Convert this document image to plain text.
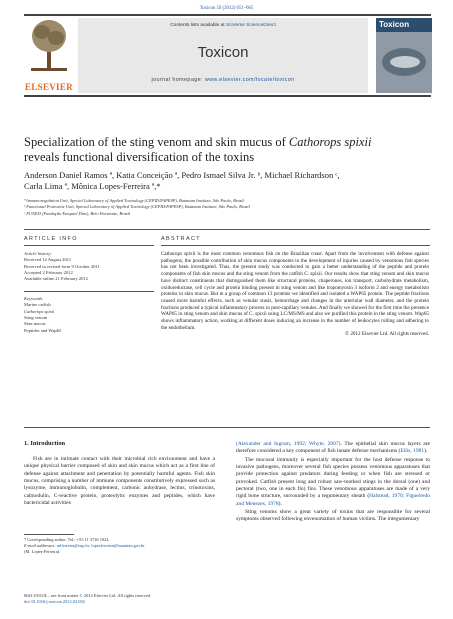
Toxicon 59 (2012) 651–665
ELSEVIER
Contents lists available at SciVerse ScienceDirect
Toxicon
journal homepage: www.elsevier.com/locate/toxicon
Toxicon
Specialization of the sting venom and skin mucus of Cathorops spixii
reveals functional diversification of the toxins
Anderson Daniel Ramos ª, Katia Conceição ª, Pedro Ismael Silva Jr. ᵇ, Michael Richardson ᶜ,
Carla Lima ª, Mônica Lopes-Ferreira ª,*
ª Immunoregulation Unit, Special Laboratory of Applied Toxinology (CEPID/FAPESP), Butantan Institute, São Paulo, Brazil
ᵇ Functional Proteomic Unit, Special Laboratory of Applied Toxinology (CEPID/FAPESP), Butantan Institute, São Paulo, Brazil
ᶜ FUNED (Fundação Ezequiel Dias), Belo Horizonte, Brazil
ARTICLE INFO
Article history:
Received 12 August 2011
Received in revised form 9 October 2011
Accepted 2 February 2012
Available online 21 February 2012
Keywords:
Marine catfish
Cathorops spixii
Sting venom
Skin mucus
Peptides and Wap65
ABSTRACT
Cathorops spixii is the most common venomous fish on the Brazilian coast. Apart from the involvement with defense against pathogens, the possible contribution of skin mucus components to the development of injuries caused by venomous fish species has not been investigated. Thus, the present study was conducted to gain a better understanding of the peptide and protein components of fish skin mucus and the sting venom from the catfish C. spixii. Our results show that sting venom and skin mucus have distinct constituents that distinguished them like structural proteins, chaperones, ion transport, carbohydrate metabolism, oxidoreductase, cell cycle and protein binding present in sting venom and like tropomyosin 3 isoform 2 and energy metabolism proteins in skin mucus. But in a group of common 13 proteins we identified and isolated a WAP65 protein. The peptide fractions caused more harmful effects, such as venular stasis, hemorrhage and changes in the arteriolar wall diameter, and the protein fractions produced a typical inflammatory process in post-capillary venules. And finally we showed for the first time the presence WAP65 in sting venom and skin mucus of C. spixii using LC/MS/MS and also we purified this protein in the sting venom. Wap65 shows inflammatory action, working at different doses inducing an increase in the number of leukocytes rolling and adhering to the endothelium.
© 2012 Elsevier Ltd. All rights reserved.
1. Introduction
Fish are in intimate contact with their microbial rich environment and have a unique physical barrier composed of skin and skin mucus which act as a first line of defense against attachment and penetration by potentially harmful agents. Fish skin mucus, comprising a number of immune components constitutively expressed such as lysozyme, immunoglobulin, complement, carbonic anhydrase, lectins, crinotoxins, calmodulin, C-reactive protein, proteolytic enzymes and peptides, which have bactericidal activities

(Alexander and Ingram, 1992; Whyte, 2007). The epithelial skin mucus layers are therefore considered a key component of fish innate defense mechanisms (Ellis, 1981).

The mucosal immunity is especially important for the host defense response to invasive pathogens, moreover several fish species possess venomous apparatuses that provide protection against predators during feeding or when fish are stressed or provoked. Catfish present long and robust saw-toothed stings in the dorsal (one) and pectoral (two, one in each fin) fins. These venomous apparatuses are made of a very rigid bone structure, surrounded by a tegumentary sheath (Halstead, 1970; Figueiredo and Menezes, 1978).

Sting venoms show a great variety of toxins that are responsible for several symptoms observed following envenomation of human victims. The integumentary

* Corresponding author. Tel.: +55 11 3726 1024.
E-mail addresses: mlferreira@usp.br, lopesferreira@butantan.gov.br
(M. Lopes-Ferreira).
0041-0101/$ – see front matter © 2012 Elsevier Ltd. All rights reserved.
doi:10.1016/j.toxicon.2012.02.002
